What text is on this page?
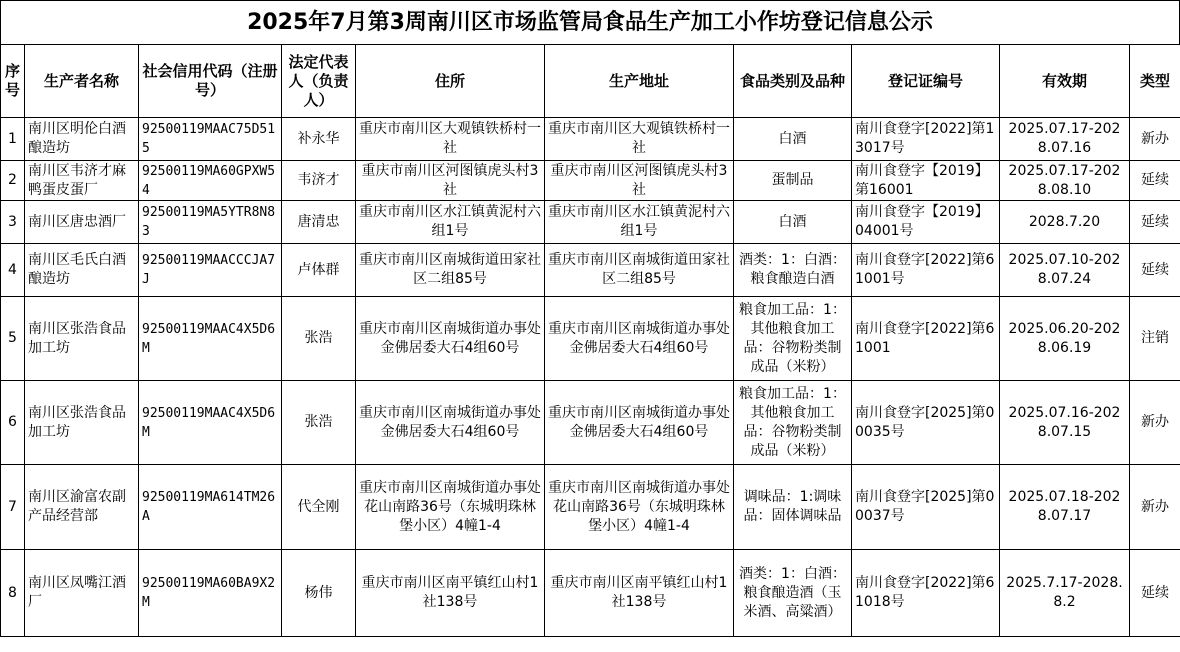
2025年7月第3周南川区市场监管局食品生产加工小作坊登记信息公示
序号	生产者名称	社会信用代码（注册号）	法定代表人（负责人）	住所	生产地址	食品类别及品种	登记证编号	有效期	类型
1	南川区明伦白酒酿造坊	92500119MAAC75D515	补永华	重庆市南川区大观镇铁桥村一社	重庆市南川区大观镇铁桥村一社	白酒	南川食登字[2022]第13017号	2025.07.17-2028.07.16	新办
2	南川区韦济才麻鸭蛋皮蛋厂	92500119MA60GPXW54	韦济才	重庆市南川区河图镇虎头村3社	重庆市南川区河图镇虎头村3社	蛋制品	南川食登字【2019】第16001	2025.07.17-2028.08.10	延续
3	南川区唐忠酒厂	92500119MA5YTR8N83	唐清忠	重庆市南川区水江镇黄泥村六组1号	重庆市南川区水江镇黄泥村六组1号	白酒	南川食登字【2019】04001号	2028.7.20	延续
4	南川区毛氏白酒酿造坊	92500119MAACCCJA7J	卢体群	重庆市南川区南城街道田家社区二组85号	重庆市南川区南城街道田家社区二组85号	酒类：1：白酒：粮食酿造白酒	南川食登字[2022]第61001号	2025.07.10-2028.07.24	延续
5	南川区张浩食品加工坊	92500119MAAC4X5D6M	张浩	重庆市南川区南城街道办事处金佛居委大石4组60号	重庆市南川区南城街道办事处金佛居委大石4组60号	粮食加工品：1：其他粮食加工品：谷物粉类制成品（米粉）	南川食登字[2022]第61001	2025.06.20-2028.06.19	注销
6	南川区张浩食品加工坊	92500119MAAC4X5D6M	张浩	重庆市南川区南城街道办事处金佛居委大石4组60号	重庆市南川区南城街道办事处金佛居委大石4组60号	粮食加工品：1：其他粮食加工品：谷物粉类制成品（米粉）	南川食登字[2025]第00035号	2025.07.16-2028.07.15	新办
7	南川区渝富农副产品经营部	92500119MA614TM26A	代全刚	重庆市南川区南城街道办事处花山南路36号（东城明珠林堡小区）4幢1-4	重庆市南川区南城街道办事处花山南路36号（东城明珠林堡小区）4幢1-4	调味品：1:调味品：固体调味品	南川食登字[2025]第00037号	2025.07.18-2028.07.17	新办
8	南川区凤嘴江酒厂	92500119MA60BA9X2M	杨伟	重庆市南川区南平镇红山村1社138号	重庆市南川区南平镇红山村1社138号	酒类：1：白酒：粮食酿造酒（玉米酒、高粱酒）	南川食登字[2022]第61018号	2025.7.17-2028.8.2	延续
